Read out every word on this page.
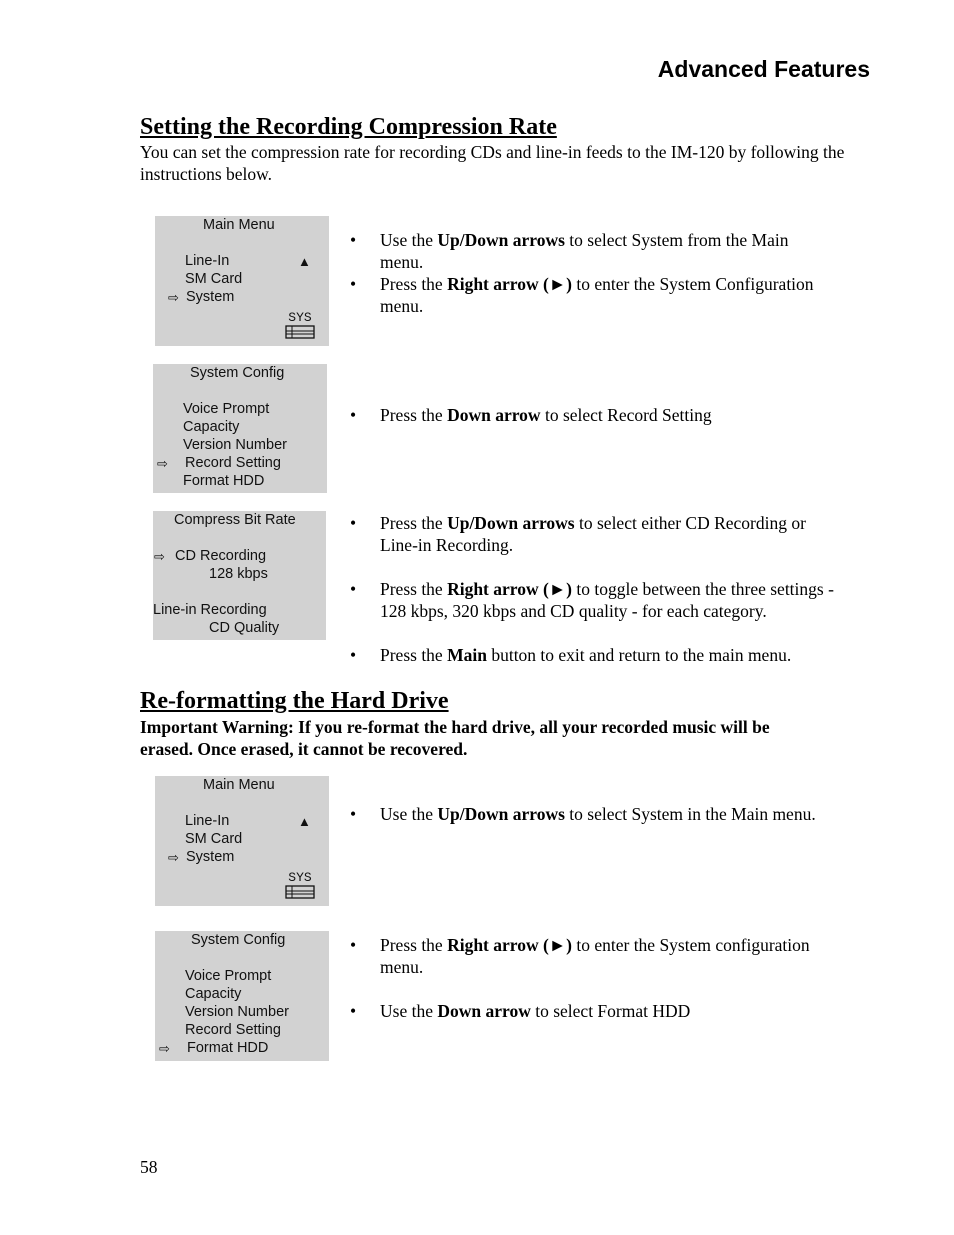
Advanced Features
Setting the Recording Compression Rate
You can set the compression rate for recording CDs and line-in feeds to the IM-120 by following the instructions below.
Main Menu
Line-In	▲
SM Card
⇨ System
SYS
• Use the Up/Down arrows to select System from the Main
menu.
• Press the Right arrow (►) to enter the System Configuration
menu.
System Config
Voice Prompt
Capacity
Version Number
⇨ Record Setting
Format HDD
• Press the Down arrow to select Record Setting
Compress Bit Rate
⇨ CD Recording
128 kbps
Line-in Recording
CD Quality
• Press the Up/Down arrows to select either CD Recording or
Line-in Recording.
• Press the Right arrow (►) to toggle between the three settings -
128 kbps, 320 kbps and CD quality - for each category.
• Press the Main button to exit and return to the main menu.
Re-formatting the Hard Drive
Important Warning: If you re-format the hard drive, all your recorded music will be
erased. Once erased, it cannot be recovered.
Main Menu
Line-In	▲
SM Card
⇨ System
SYS
• Use the Up/Down arrows to select System in the Main menu.
System Config
Voice Prompt
Capacity
Version Number
Record Setting
⇨ Format HDD
• Press the Right arrow (►) to enter the System configuration
menu.
• Use the Down arrow to select Format HDD
58
